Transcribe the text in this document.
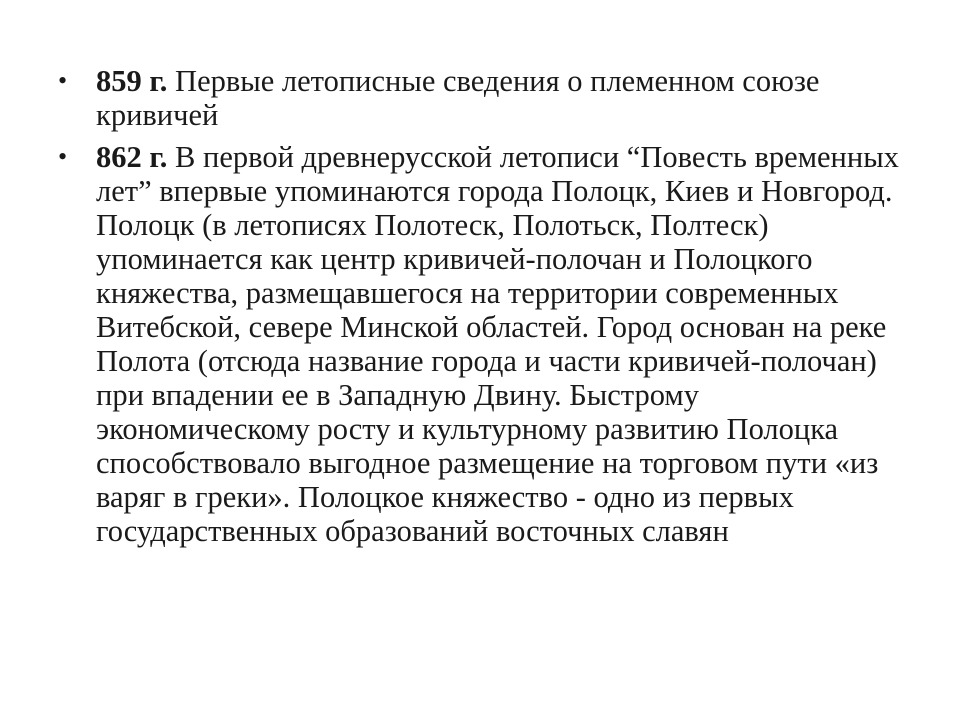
• 859 г. Первые летописные сведения о племенном союзе кривичей
• 862 г. В первой древнерусской летописи “Повесть временных лет” впервые упоминаются города Полоцк, Киев и Новгород. Полоцк (в летописях Полотеск, Полотьск, Полтеск) упоминается как центр кривичей-полочан и Полоцкого княжества, размещавшегося на территории современных Витебской, севере Минской областей. Город основан на реке Полота (отсюда название города и части кривичей-полочан) при впадении ее в Западную Двину. Быстрому экономическому росту и культурному развитию Полоцка способствовало выгодное размещение на торговом пути «из варяг в греки». Полоцкое княжество - одно из первых государственных образований восточных славян
